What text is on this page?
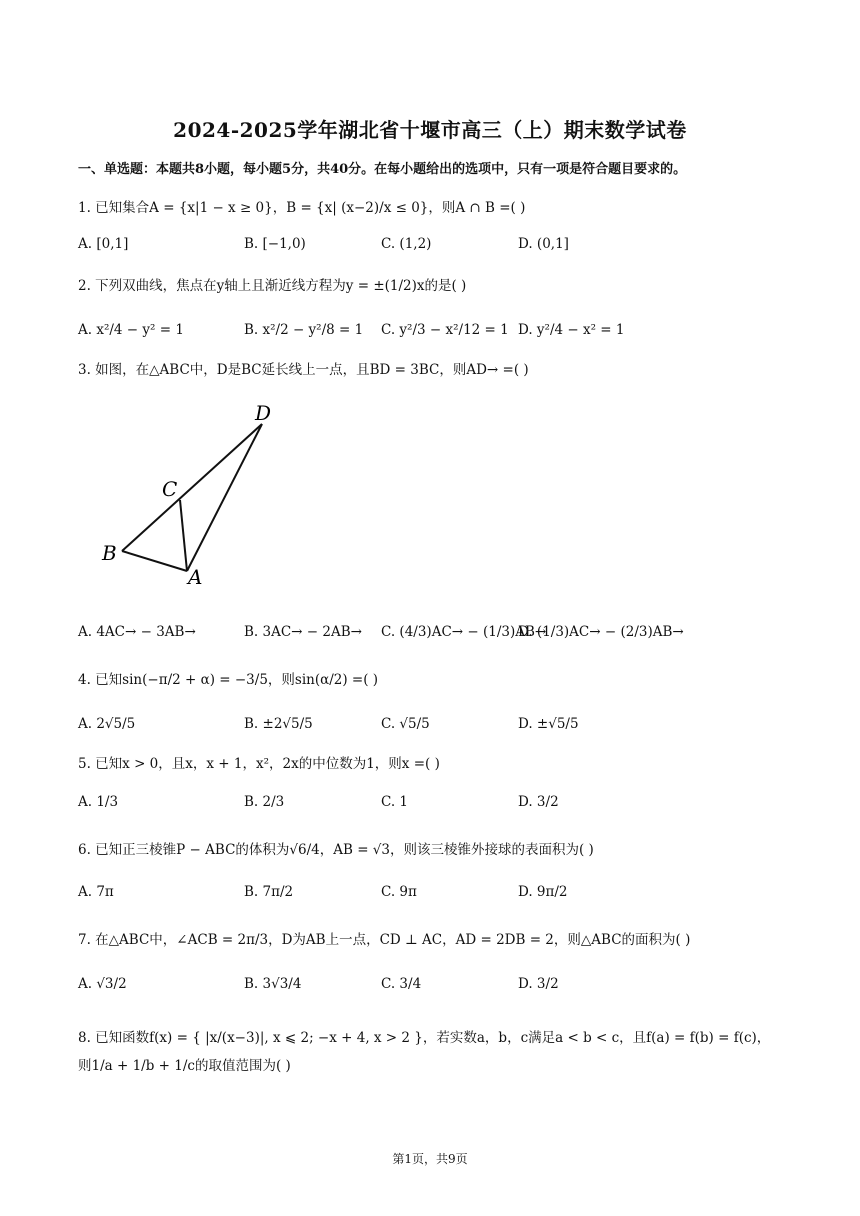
2024-2025学年湖北省十堰市高三（上）期末数学试卷
一、单选题：本题共8小题，每小题5分，共40分。在每小题给出的选项中，只有一项是符合题目要求的。
1. 已知集合A = {x|1 − x ≥ 0}，B = {x| (x−2)/x ≤ 0}，则A ∩ B =( )
A. [0,1]	B. [−1,0)	C. (1,2)	D. (0,1]
2. 下列双曲线，焦点在y轴上且渐近线方程为y = ±(1/2)x的是( )
A. x²/4 − y² = 1	B. x²/2 − y²/8 = 1 C. y²/3 − x²/12 = 1 D. y²/4 − x² = 1
3. 如图，在△ABC中，D是BC延长线上一点，且BD = 3BC，则AD→ =( )
D
C
B
A
A. 4AC→ − 3AB→	B. 3AC→ − 2AB→ C. (4/3)AC→ − (1/3)AB→
D. (1/3)AC→ − (2/3)AB→
4. 已知sin(−π/2 + α) = −3/5，则sin(α/2) =( )
A. 2√5/5	B. ±2√5/5	C. √5/5	D. ±√5/5
5. 已知x > 0，且x，x + 1，x²，2x的中位数为1，则x =( )
A. 1/3	B. 2/3	C. 1	D. 3/2
6. 已知正三棱锥P − ABC的体积为√6/4，AB = √3，则该三棱锥外接球的表面积为( )
A. 7π	B. 7π/2	C. 9π	D. 9π/2
7. 在△ABC中，∠ACB = 2π/3，D为AB上一点，CD ⊥ AC，AD = 2DB = 2，则△ABC的面积为( )
A. √3/2	B. 3√3/4	C. 3/4	D. 3/2
8. 已知函数f(x) = { |x/(x−3)|, x ⩽ 2; −x + 4, x > 2 }，若实数a，b，c满足a < b < c，且f(a) = f(b) = f(c)，则1/a + 1/b + 1/c的取值范围为( )
第1页，共9页
